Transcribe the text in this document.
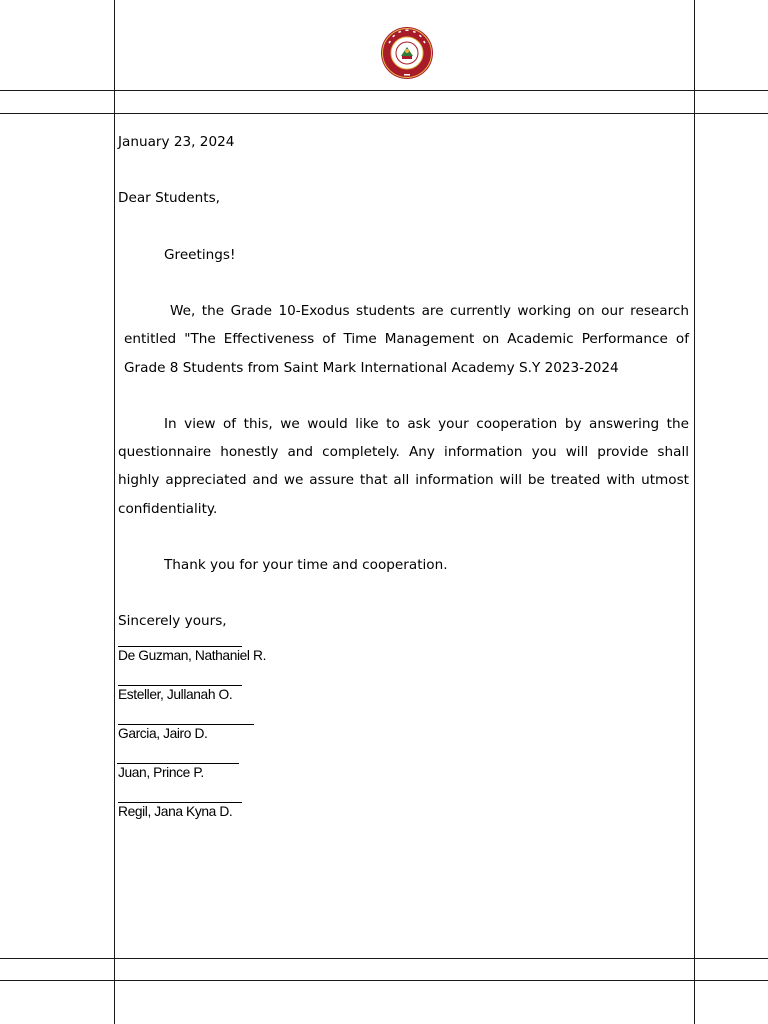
January 23, 2024

Dear Students,

Greetings!

We, the Grade 10-Exodus students are currently working on our research entitled "The Effectiveness of Time Management on Academic Performance of Grade 8 Students from Saint Mark International Academy S.Y 2023-2024

In view of this, we would like to ask your cooperation by answering the questionnaire honestly and completely. Any information you will provide shall highly appreciated and we assure that all information will be treated with utmost confidentiality.

Thank you for your time and cooperation.

Sincerely yours,

De Guzman, Nathaniel R.
Esteller, Jullanah O.
Garcia, Jairo D.
Juan, Prince P.
Regil, Jana Kyna D.
